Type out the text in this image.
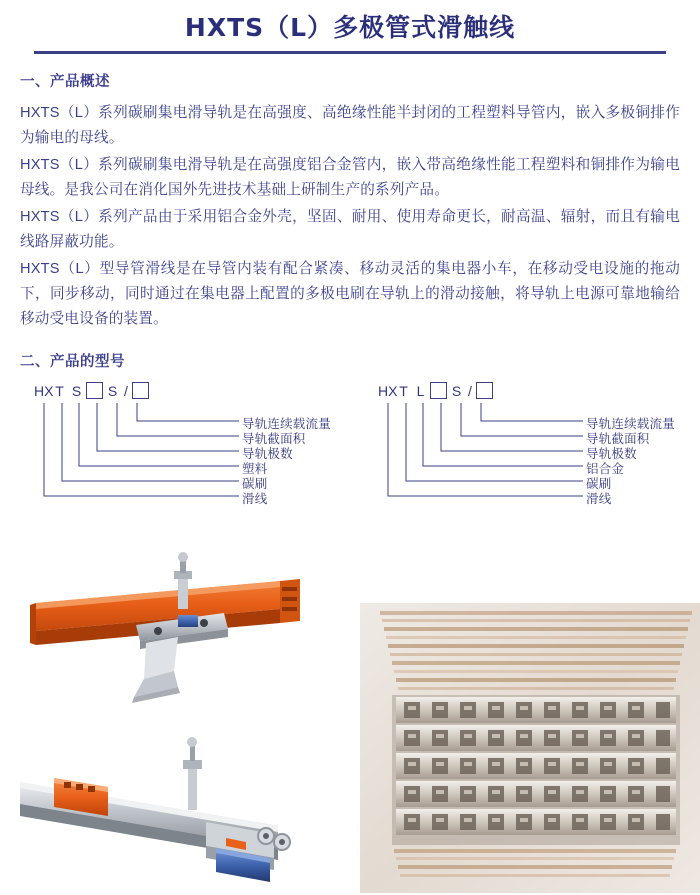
HXTS（L）多极管式滑触线
一、产品概述

HXTS（L）系列碳刷集电滑导轨是在高强度、高绝缘性能半封闭的工程塑料导管内，嵌入多极铜排作为输电的母线。

HXTS（L）系列碳刷集电滑导轨是在高强度铝合金管内，嵌入带高绝缘性能工程塑料和铜排作为输电母线。是我公司在消化国外先进技术基础上研制生产的系列产品。

HXTS（L）系列产品由于采用铝合金外壳，坚固、耐用、使用寿命更长，耐高温、辐射，而且有输电线路屏蔽功能。

HXTS（L）型导管滑线是在导管内装有配合紧凑、移动灵活的集电器小车，在移动受电设施的拖动下，同步移动，同时通过在集电器上配置的多极电刷在导轨上的滑动接触，将导轨上电源可靠地输给移动受电设备的装置。

二、产品的型号
HX T S S /
导轨连续载流量
导轨截面积
导轨极数
塑料
碳刷
滑线
HX T L	S /
导轨连续载流量
导轨截面积
导轨极数
铝合金
碳刷
滑线
